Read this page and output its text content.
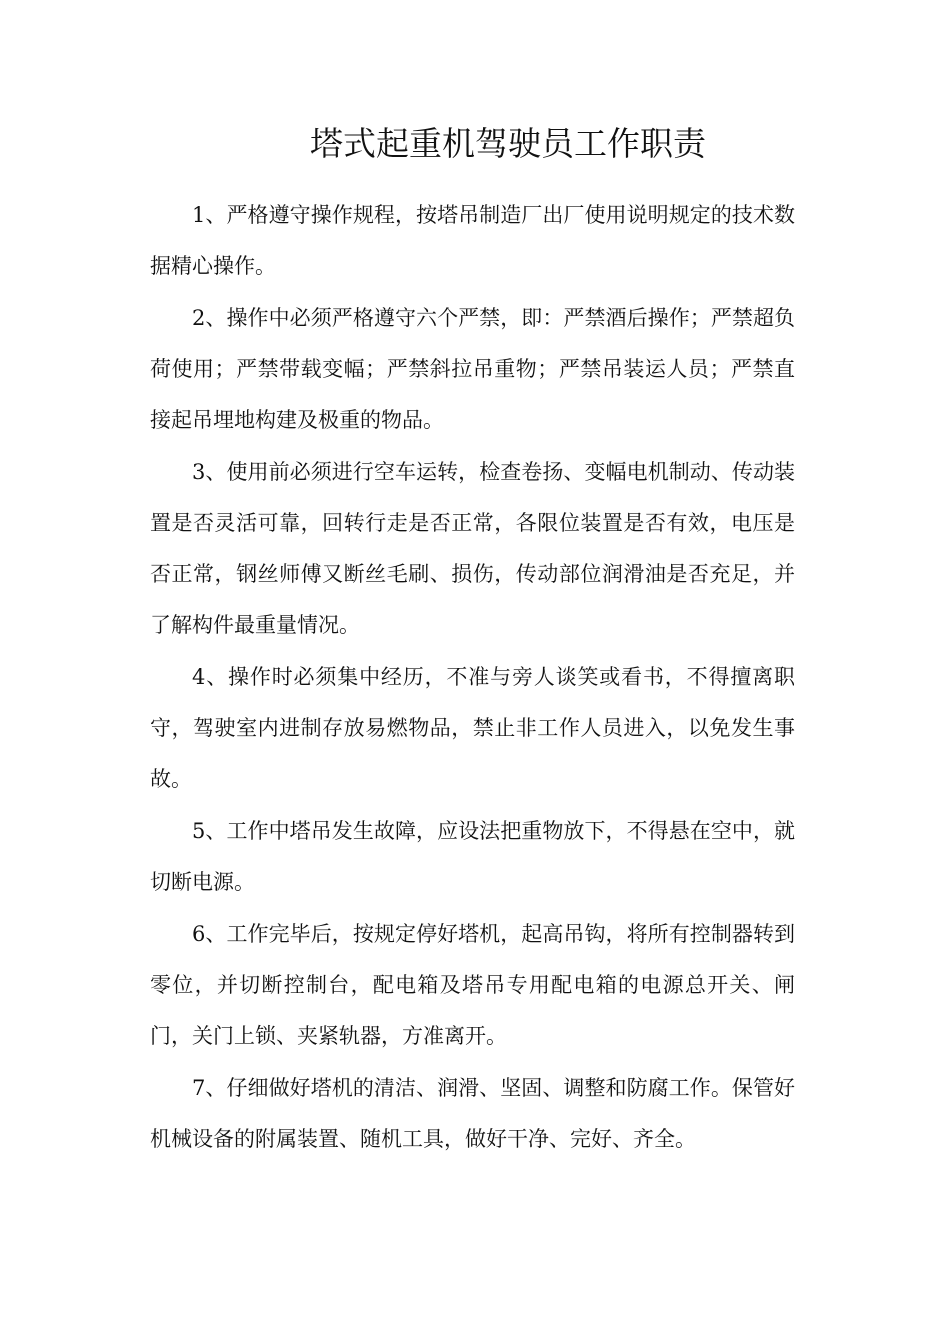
塔式起重机驾驶员工作职责

1、严格遵守操作规程，按塔吊制造厂出厂使用说明规定的技术数据精心操作。

2、操作中必须严格遵守六个严禁，即：严禁酒后操作；严禁超负荷使用；严禁带载变幅；严禁斜拉吊重物；严禁吊装运人员；严禁直接起吊埋地构建及极重的物品。

3、使用前必须进行空车运转，检查卷扬、变幅电机制动、传动装置是否灵活可靠，回转行走是否正常，各限位装置是否有效，电压是否正常，钢丝师傅又断丝毛刷、损伤，传动部位润滑油是否充足，并了解构件最重量情况。

4、操作时必须集中经历，不准与旁人谈笑或看书，不得擅离职守，驾驶室内进制存放易燃物品，禁止非工作人员进入，以免发生事故。

5、工作中塔吊发生故障，应设法把重物放下，不得悬在空中，就切断电源。

6、工作完毕后，按规定停好塔机，起高吊钩，将所有控制器转到零位，并切断控制台，配电箱及塔吊专用配电箱的电源总开关、闸门，关门上锁、夹紧轨器，方准离开。

7、仔细做好塔机的清洁、润滑、坚固、调整和防腐工作。保管好机械设备的附属装置、随机工具，做好干净、完好、齐全。
